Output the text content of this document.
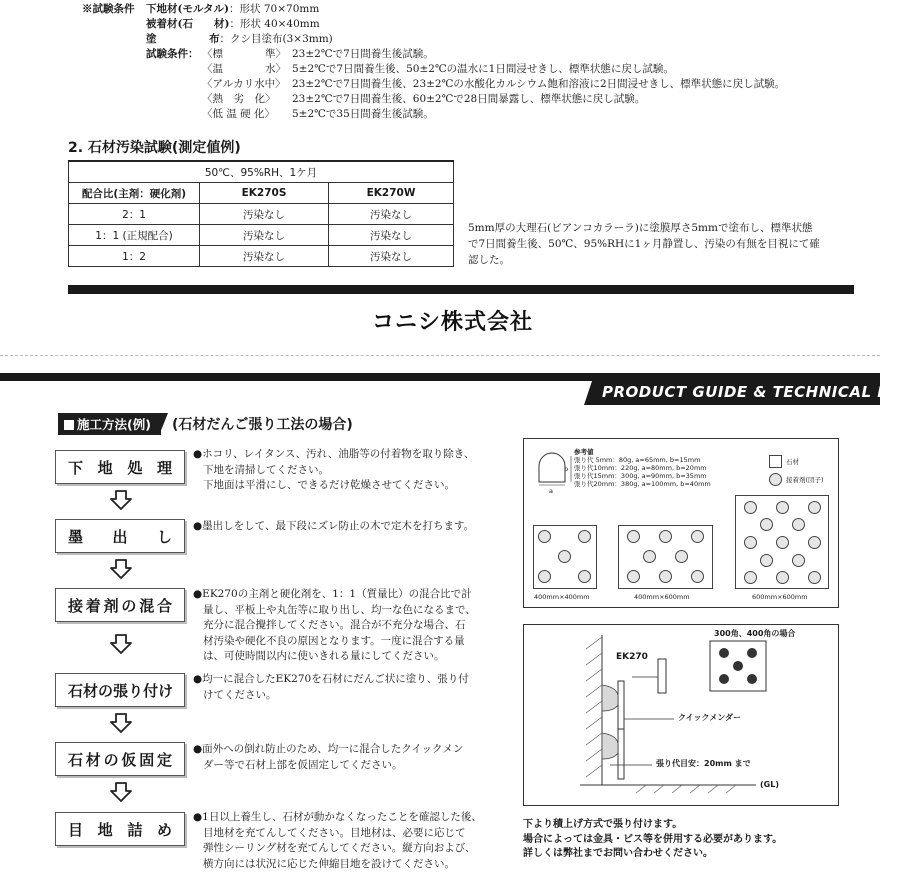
※試験条件 下地材(モルタル)：形状 70×70mm
被着材(石　　材)：形状 40×40mm
塗　　　　　布：クシ目塗布(3×3mm)
試験条件： 〈標　　　　準〉 23±2℃で7日間養生後試験。
〈温　　　　水〉 5±2℃で7日間養生後、50±2℃の温水に1日間浸せきし、標準状態に戻し試験。
〈アルカリ水中〉 23±2℃で7日間養生後、23±2℃の水酸化カルシウム飽和溶液に2日間浸せきし、標準状態に戻し試験。
〈熱　劣　化〉 23±2℃で7日間養生後、60±2℃で28日間暴露し、標準状態に戻し試験。
〈低 温 硬 化〉 5±2℃で35日間養生後試験。
2. 石材汚染試験(測定値例)
50℃、95%RH、1ケ月		
配合比(主剤：硬化剤)	EK270S	EK270W
2：1	汚染なし	汚染なし
1：1 (正規配合)	汚染なし	汚染なし
1：2	汚染なし	汚染なし
5mm厚の大理石(ビアンコカラーラ)に塗膜厚さ5mmで塗布し、標準状態
で7日間養生後、50℃、95%RHに1ヶ月静置し、汚染の有無を目視にて確
認した。
コニシ株式会社
PRODUCT GUIDE & TECHNICAL DATA
施工方法(例)	(石材だんご張り工法の場合)
下 地 処 理
墨 出 し
接 着 剤 の 混 合
石 材 の 張 り 付 け
石 材 の 仮 固 定
目 地 詰 め
●ホコリ、レイタンス、汚れ、油脂等の付着物を取り除き、
下地を清掃してください。
下地面は平滑にし、できるだけ乾燥させてください。
●墨出しをして、最下段にズレ防止の木で定木を打ちます。
●EK270の主剤と硬化剤を、1：1（質量比）の混合比で計
量し、平板上や丸缶等に取り出し、均一な色になるまで、
充分に混合攪拌してください。混合が不充分な場合、石
材汚染や硬化不良の原因となります。一度に混合する量
は、可使時間以内に使いきれる量にしてください。
●均一に混合したEK270を石材にだんご状に塗り、張り付
けてください。
●面外への倒れ防止のため、均一に混合したクイックメン
ダー等で石材上部を仮固定してください。
●1日以上養生し、石材が動かなくなったことを確認した後、
目地材を充てんしてください。目地材は、必要に応じて
弾性シーリング材を充てんしてください。縦方向および、
横方向には状況に応じた伸縮目地を設けてください。
a
b
参考値
張り代 5mm：80g, a=65mm, b=15mm
張り代10mm：220g, a=80mm, b=20mm
張り代15mm：300g, a=90mm, b=35mm
張り代20mm：380g, a=100mm, b=40mm
石材
接着剤(団子)
400mm×400mm	400mm×600mm	600mm×600mm
300角、400角の場合
EK270
クイックメンダー
張り代目安：20mm まで
(GL)
下より積上げ方式で張り付けます。
場合によっては金具・ビス等を併用する必要があります。
詳しくは弊社までお問い合わせください。
